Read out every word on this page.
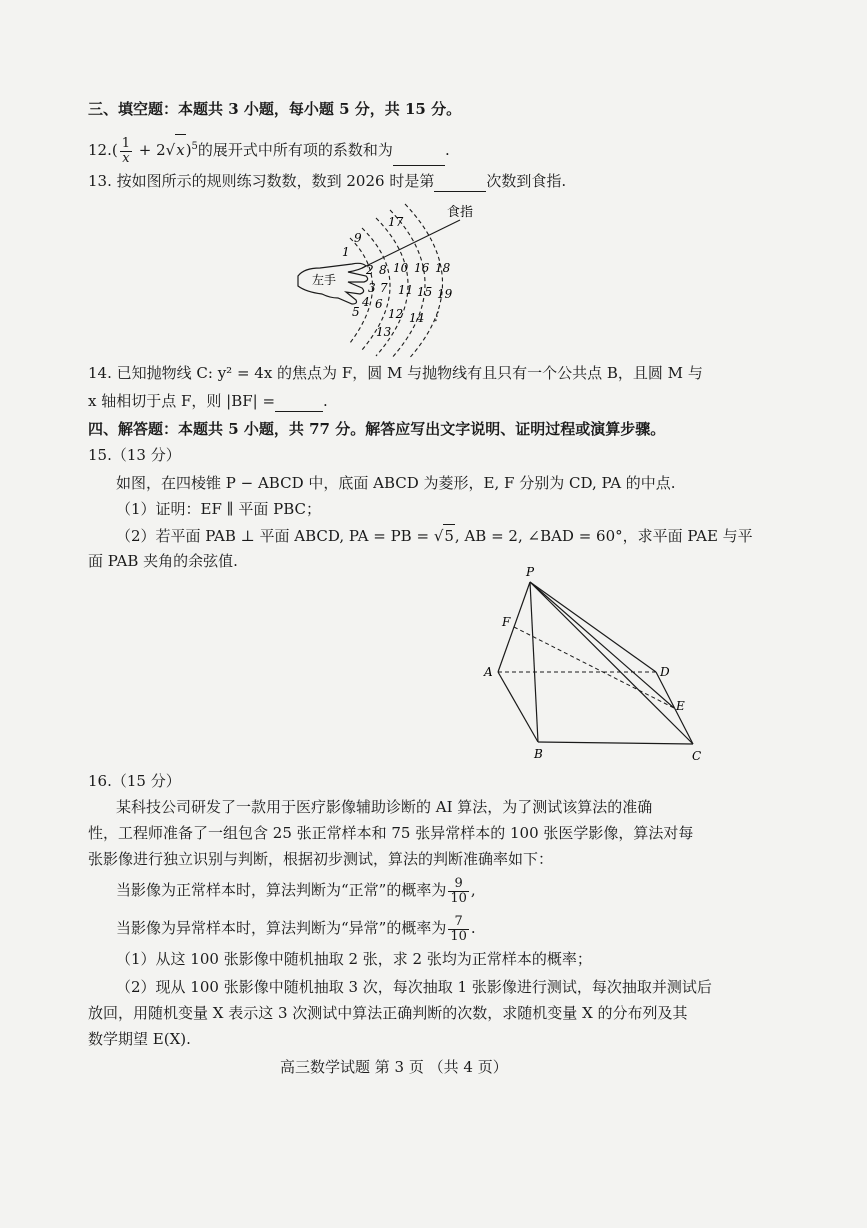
三、填空题：本题共 3 小题，每小题 5 分，共 15 分。
$12.( \frac{1}{x} + 2√x)^5$的展开式中所有项的系数和为	.
13. 按如图所示的规则练习数数，数到 2026 时是第	次数到食指.
食指
左手
1
9
17
2 8 10 16 18
3 7 11 15 19
4 6
5 12 14
13
⋮
14. 已知抛物线 C: y² = 4x 的焦点为 F，圆 M 与抛物线有且只有一个公共点 B，且圆 M 与
x 轴相切于点 F，则 |BF| =	.
四、解答题：本题共 5 小题，共 77 分。解答应写出文字说明、证明过程或演算步骤。
15.（13 分）
如图，在四棱锥 P − ABCD 中，底面 ABCD 为菱形，E, F 分别为 CD, PA 的中点.
（1）证明：EF ∥ 平面 PBC；
（2）若平面 PAB ⊥ 平面 ABCD, PA = PB = √5, AB = 2, ∠BAD = 60°，求平面 PAE 与平
面 PAB 夹角的余弦值.
P
F
A	D
E
B	C
16.（15 分）
某科技公司研发了一款用于医疗影像辅助诊断的 AI 算法，为了测试该算法的准确
性，工程师准备了一组包含 25 张正常样本和 75 张异常样本的 100 张医学影像，算法对每
张影像进行独立识别与判断，根据初步测试，算法的判断准确率如下：
当影像为正常样本时，算法判断为“正常”的概率为 $\frac{9}{10}$ ,
当影像为异常样本时，算法判断为“异常”的概率为 $\frac{7}{10}$ .
（1）从这 100 张影像中随机抽取 2 张，求 2 张均为正常样本的概率；
（2）现从 100 张影像中随机抽取 3 次，每次抽取 1 张影像进行测试，每次抽取并测试后
放回，用随机变量 X 表示这 3 次测试中算法正确判断的次数，求随机变量 X 的分布列及其
数学期望 E(X).
高三数学试题 第 3 页 （共 4 页）
